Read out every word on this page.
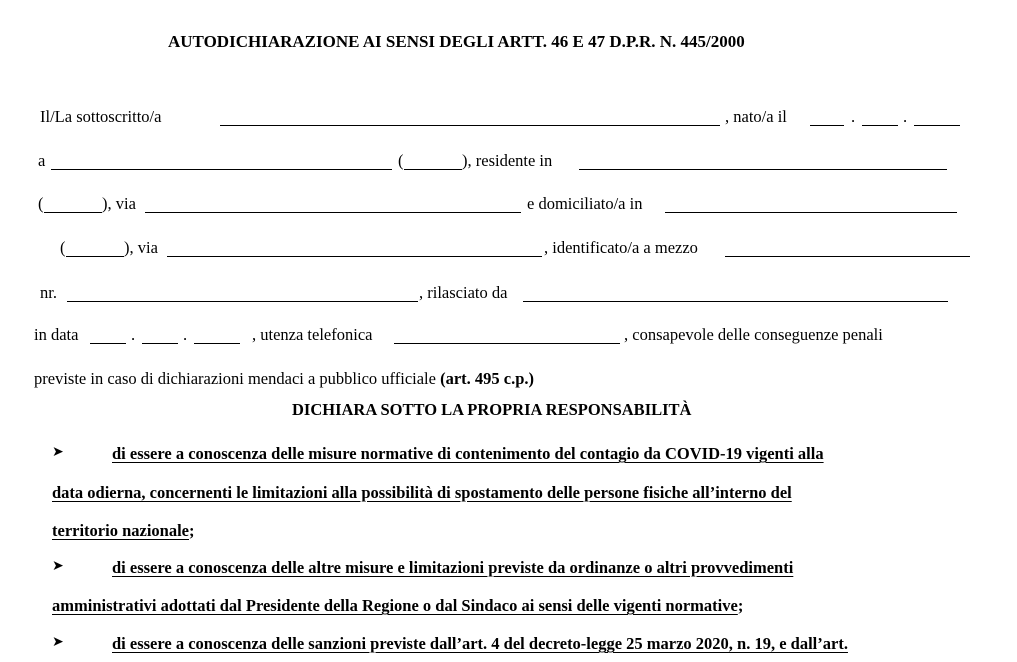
AUTODICHIARAZIONE AI SENSI DEGLI ARTT. 46 E 47 D.P.R. N. 445/2000
Il/La sottoscritto/a	, nato/a il	.	.
a	(	), residente in
(	), via	e domiciliato/a in
(	), via	, identificato/a a mezzo
nr.	, rilasciato da
in data	.	.	, utenza telefonica	, consapevole delle conseguenze penali
previste in caso di dichiarazioni mendaci a pubblico ufficiale (art. 495 c.p.)
DICHIARA SOTTO LA PROPRIA RESPONSABILITÀ
➤	di essere a conoscenza delle misure normative di contenimento del contagio da COVID-19 vigenti alla
data odierna, concernenti le limitazioni alla possibilità di spostamento delle persone fisiche all’interno del
territorio nazionale;
➤	di essere a conoscenza delle altre misure e limitazioni previste da ordinanze o altri provvedimenti
amministrativi adottati dal Presidente della Regione o dal Sindaco ai sensi delle vigenti normative;
➤	di essere a conoscenza delle sanzioni previste dall’art. 4 del decreto-legge 25 marzo 2020, n. 19, e dall’art.
